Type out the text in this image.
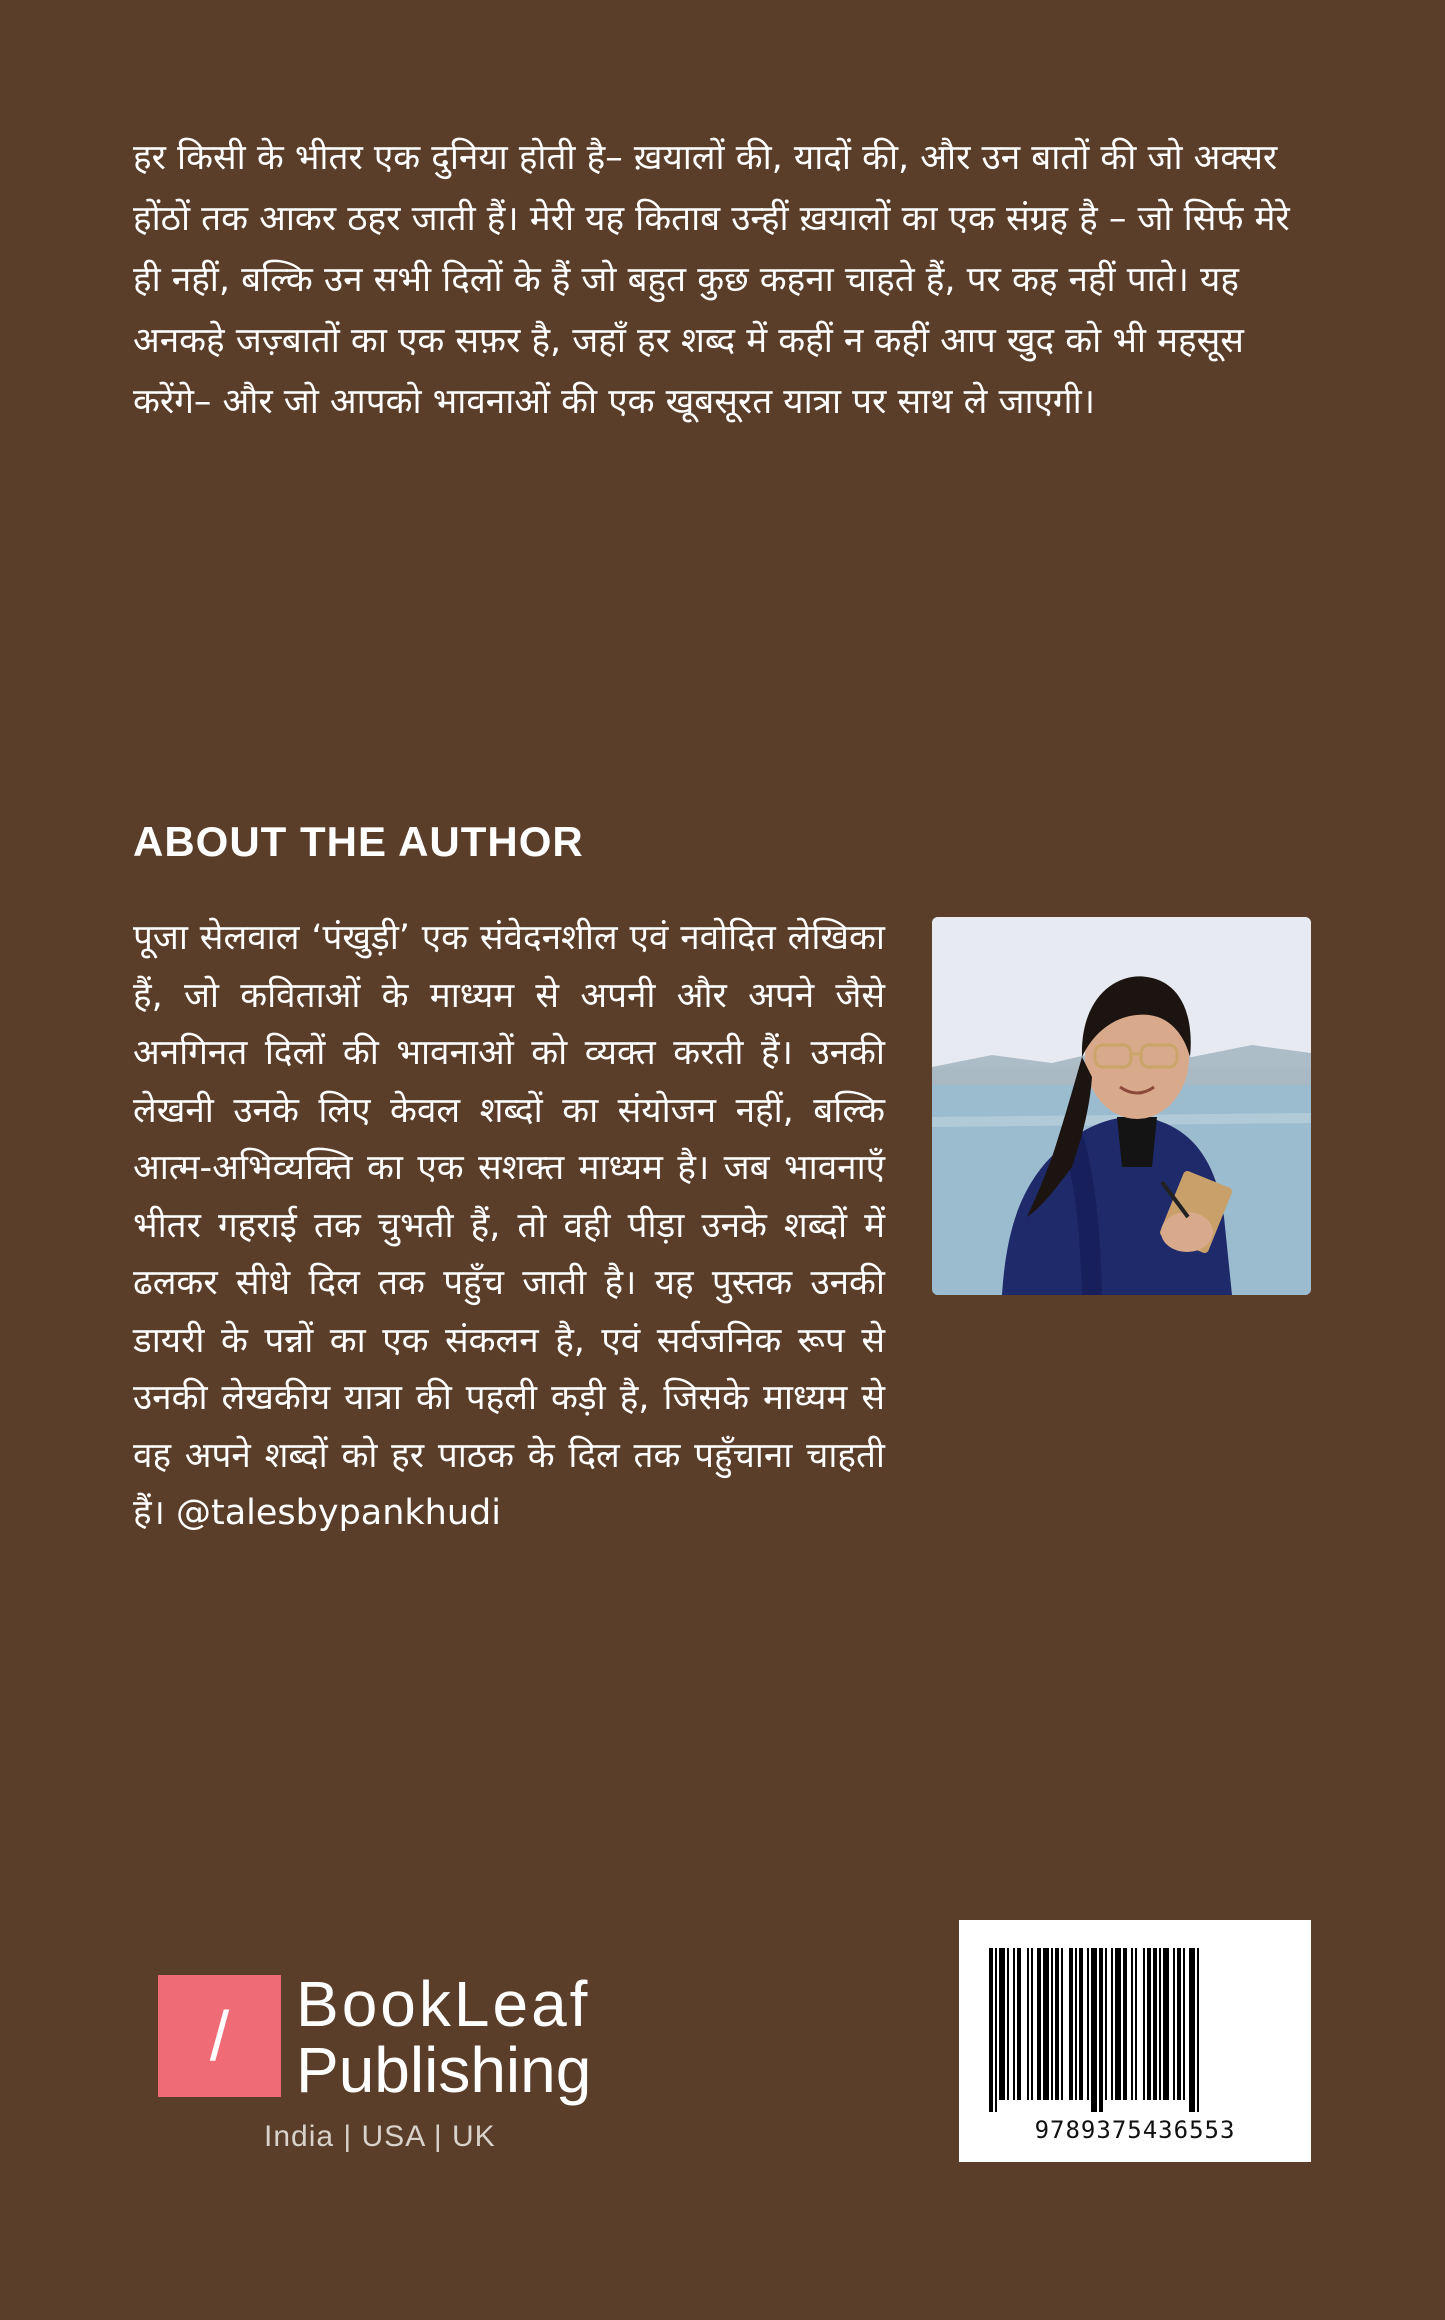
हर किसी के भीतर एक दुनिया होती है– ख़यालों की, यादों की, और उन बातों की जो अक्सर होंठों तक आकर ठहर जाती हैं। मेरी यह किताब उन्हीं ख़यालों का एक संग्रह है – जो सिर्फ मेरे ही नहीं, बल्कि उन सभी दिलों के हैं जो बहुत कुछ कहना चाहते हैं, पर कह नहीं पाते। यह अनकहे जज़्बातों का एक सफ़र है, जहाँ हर शब्द में कहीं न कहीं आप खुद को भी महसूस करेंगे– और जो आपको भावनाओं की एक खूबसूरत यात्रा पर साथ ले जाएगी।

ABOUT THE AUTHOR

पूजा सेलवाल ‘पंखुड़ी’ एक संवेदनशील एवं नवोदित लेखिका हैं, जो कविताओं के माध्यम से अपनी और अपने जैसे अनगिनत दिलों की भावनाओं को व्यक्त करती हैं। उनकी लेखनी उनके लिए केवल शब्दों का संयोजन नहीं, बल्कि आत्म-अभिव्यक्ति का एक सशक्त माध्यम है। जब भावनाएँ भीतर गहराई तक चुभती हैं, तो वही पीड़ा उनके शब्दों में ढलकर सीधे दिल तक पहुँच जाती है। यह पुस्तक उनकी डायरी के पन्नों का एक संकलन है, एवं सर्वजनिक रूप से उनकी लेखकीय यात्रा की पहली कड़ी है, जिसके माध्यम से वह अपने शब्दों को हर पाठक के दिल तक पहुँचाना चाहती हैं। @talesbypankhudi

/	BookLeaf
Publishing

India | USA | UK	9789375436553
